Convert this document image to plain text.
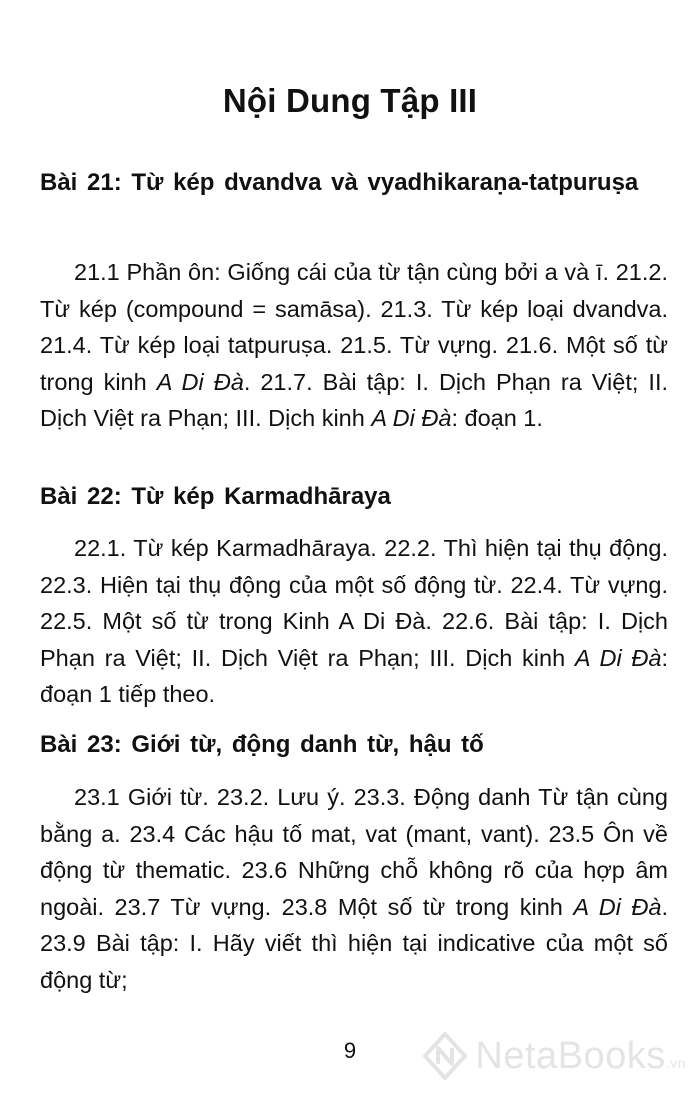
Nội Dung Tập III
Bài 21: Từ kép dvandva và vyadhikaraṇa-tatpuruṣa
21.1 Phần ôn: Giống cái của từ tận cùng bởi a và ī. 21.2. Từ kép (compound = samāsa). 21.3. Từ kép loại dvandva. 21.4. Từ kép loại tatpuruṣa. 21.5. Từ vựng. 21.6. Một số từ trong kinh A Di Đà. 21.7. Bài tập: I. Dịch Phạn ra Việt; II. Dịch Việt ra Phạn; III. Dịch kinh A Di Đà: đoạn 1.
Bài 22: Từ kép Karmadhāraya
22.1. Từ kép Karmadhāraya. 22.2. Thì hiện tại thụ động. 22.3. Hiện tại thụ động của một số động từ. 22.4. Từ vựng. 22.5. Một số từ trong Kinh A Di Đà. 22.6. Bài tập: I. Dịch Phạn ra Việt; II. Dịch Việt ra Phạn; III. Dịch kinh A Di Đà: đoạn 1 tiếp theo.
Bài 23: Giới từ, động danh từ, hậu tố
23.1 Giới từ. 23.2. Lưu ý. 23.3. Động danh Từ tận cùng bằng a. 23.4 Các hậu tố mat, vat (mant, vant). 23.5 Ôn về động từ thematic. 23.6 Những chỗ không rõ của hợp âm ngoài. 23.7 Từ vựng. 23.8 Một số từ trong kinh A Di Đà. 23.9 Bài tập: I. Hãy viết thì hiện tại indicative của một số động từ;
9	NetaBooks.vn
